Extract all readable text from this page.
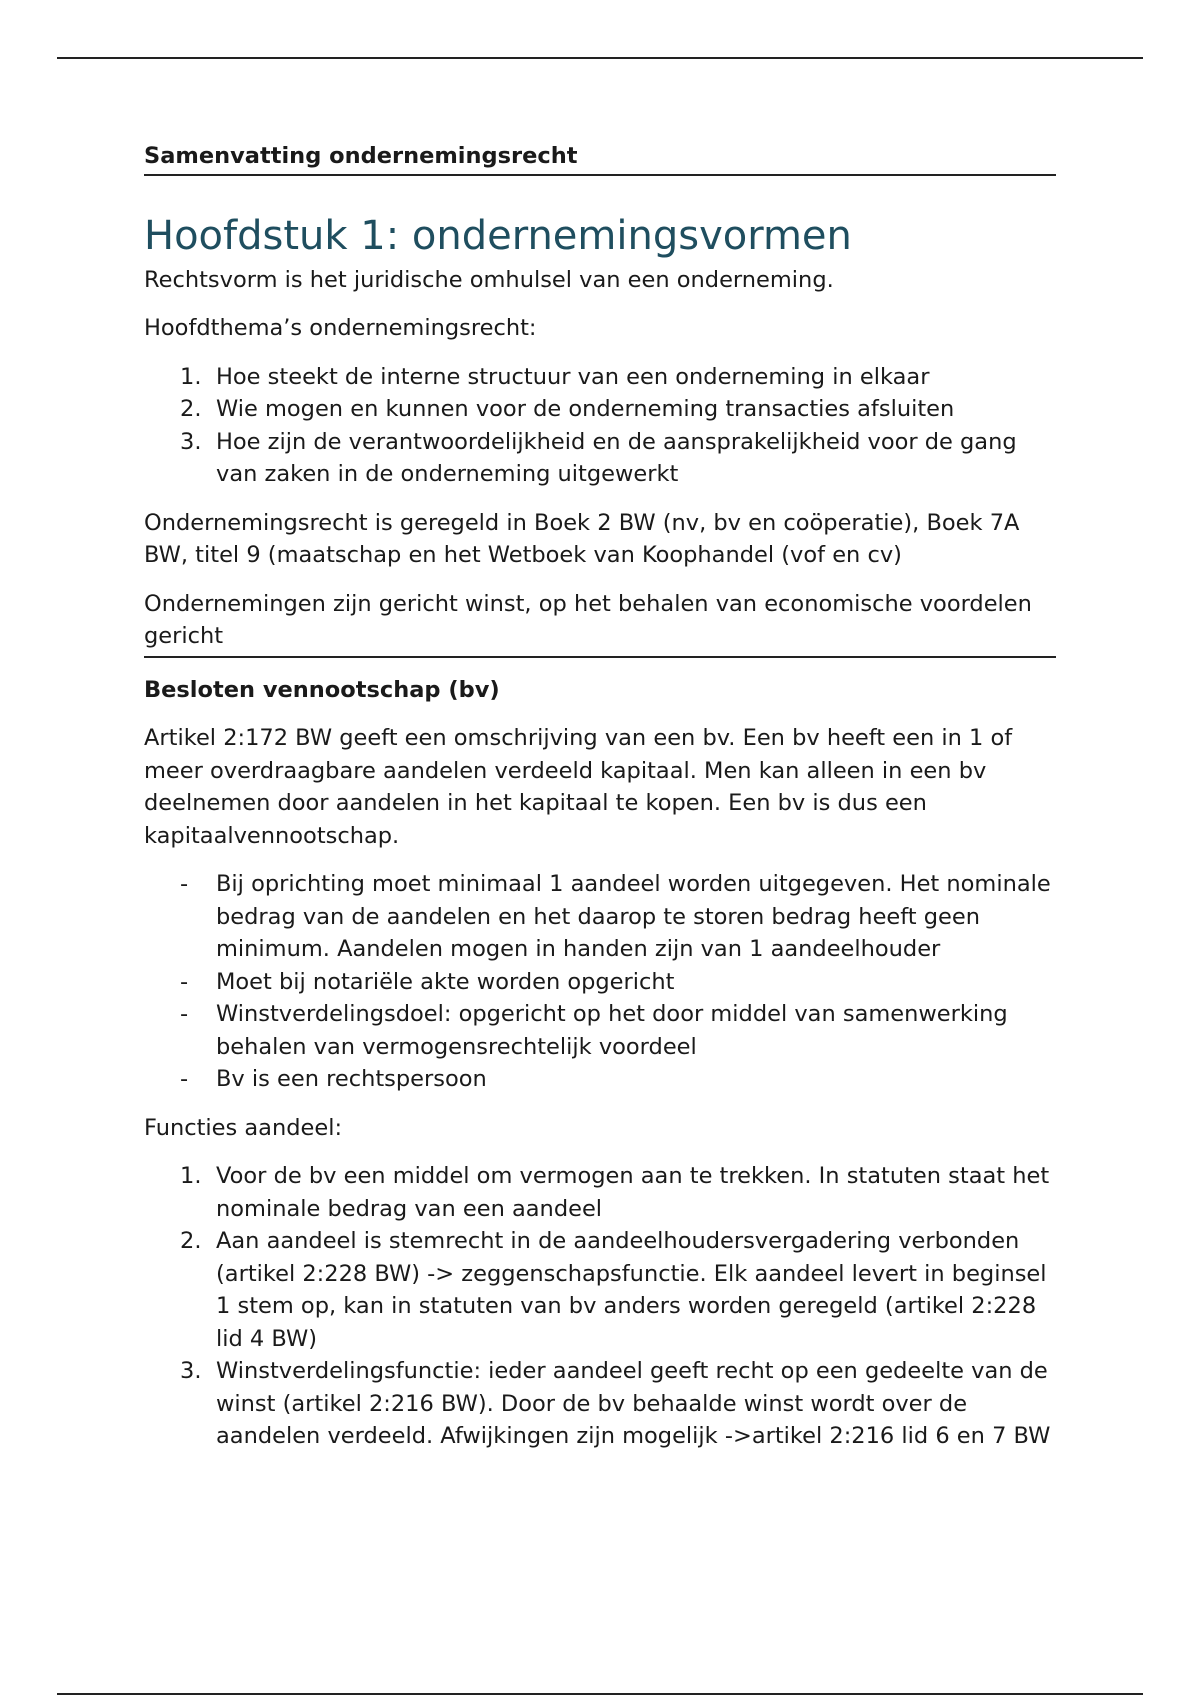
Samenvatting ondernemingsrecht
Hoofdstuk 1: ondernemingsvormen

Rechtsvorm is het juridische omhulsel van een onderneming.

Hoofdthema’s ondernemingsrecht:

1. Hoe steekt de interne structuur van een onderneming in elkaar
2. Wie mogen en kunnen voor de onderneming transacties afsluiten
3. Hoe zijn de verantwoordelijkheid en de aansprakelijkheid voor de gang van zaken in de onderneming uitgewerkt

Ondernemingsrecht is geregeld in Boek 2 BW (nv, bv en coöperatie), Boek 7A BW, titel 9 (maatschap en het Wetboek van Koophandel (vof en cv)

Ondernemingen zijn gericht winst, op het behalen van economische voordelen gericht

Besloten vennootschap (bv)

Artikel 2:172 BW geeft een omschrijving van een bv. Een bv heeft een in 1 of meer overdraagbare aandelen verdeeld kapitaal. Men kan alleen in een bv deelnemen door aandelen in het kapitaal te kopen. Een bv is dus een kapitaalvennootschap.

- Bij oprichting moet minimaal 1 aandeel worden uitgegeven. Het nominale bedrag van de aandelen en het daarop te storen bedrag heeft geen minimum. Aandelen mogen in handen zijn van 1 aandeelhouder
- Moet bij notariële akte worden opgericht
- Winstverdelingsdoel: opgericht op het door middel van samenwerking behalen van vermogensrechtelijk voordeel
- Bv is een rechtspersoon

Functies aandeel:

1. Voor de bv een middel om vermogen aan te trekken. In statuten staat het nominale bedrag van een aandeel
2. Aan aandeel is stemrecht in de aandeelhoudersvergadering verbonden (artikel 2:228 BW) -> zeggenschapsfunctie. Elk aandeel levert in beginsel 1 stem op, kan in statuten van bv anders worden geregeld (artikel 2:228 lid 4 BW)
3. Winstverdelingsfunctie: ieder aandeel geeft recht op een gedeelte van de winst (artikel 2:216 BW). Door de bv behaalde winst wordt over de aandelen verdeeld. Afwijkingen zijn mogelijk ->artikel 2:216 lid 6 en 7 BW
